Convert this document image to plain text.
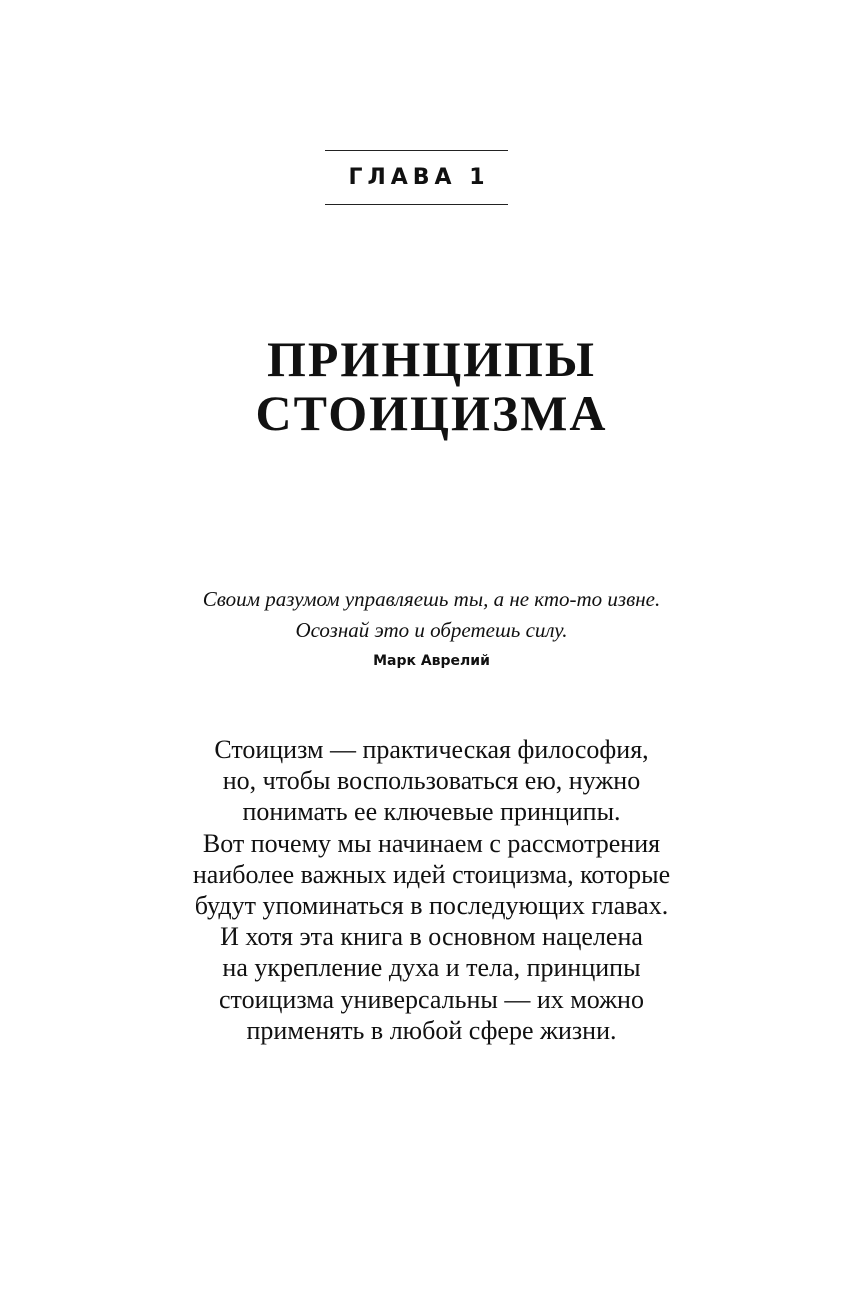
ГЛАВА 1
ПРИНЦИПЫ
СТОИЦИЗМА
Своим разумом управляешь ты, а не кто-то извне.
Осознай это и обретешь силу.
Марк Аврелий
Стоицизм — практическая философия,
но, чтобы воспользоваться ею, нужно
понимать ее ключевые принципы.
Вот почему мы начинаем с рассмотрения
наиболее важных идей стоицизма, которые
будут упоминаться в последующих главах.
И хотя эта книга в основном нацелена
на укрепление духа и тела, принципы
стоицизма универсальны — их можно
применять в любой сфере жизни.
